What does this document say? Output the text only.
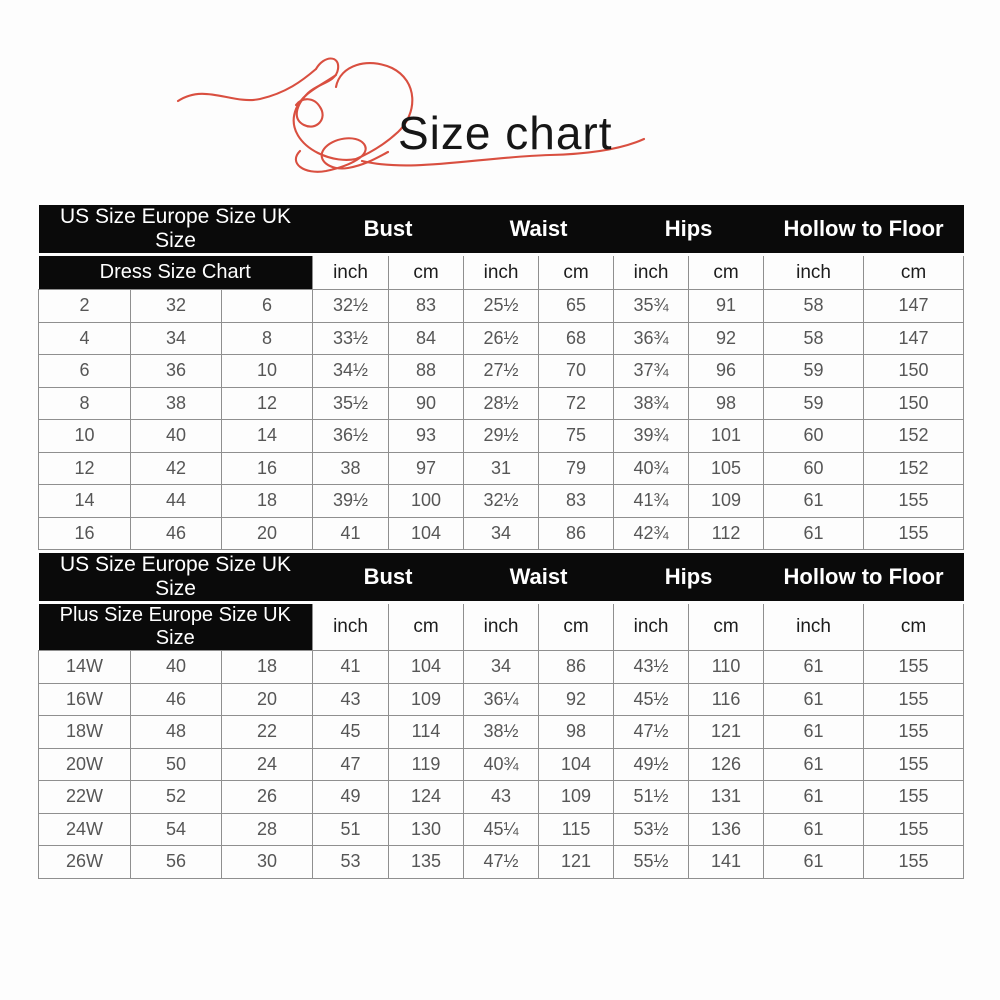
Size chart
US Size Europe Size UK Size			Bust		Waist		Hips		Hollow to Floor	
Dress Size Chart			inch	cm	inch	cm	inch	cm	inch	cm
2	32	6	32½	83	25½	65	35¾	91	58	147
4	34	8	33½	84	26½	68	36¾	92	58	147
6	36	10	34½	88	27½	70	37¾	96	59	150
8	38	12	35½	90	28½	72	38¾	98	59	150
10	40	14	36½	93	29½	75	39¾	101	60	152
12	42	16	38	97	31	79	40¾	105	60	152
14	44	18	39½	100	32½	83	41¾	109	61	155
16	46	20	41	104	34	86	42¾	112	61	155
US Size Europe Size UK Size			Bust		Waist		Hips		Hollow to Floor	
Plus Size Europe Size UK Size			inch	cm	inch	cm	inch	cm	inch	cm
14W	40	18	41	104	34	86	43½	110	61	155
16W	46	20	43	109	36¼	92	45½	116	61	155
18W	48	22	45	114	38½	98	47½	121	61	155
20W	50	24	47	119	40¾	104	49½	126	61	155
22W	52	26	49	124	43	109	51½	131	61	155
24W	54	28	51	130	45¼	115	53½	136	61	155
26W	56	30	53	135	47½	121	55½	141	61	155
